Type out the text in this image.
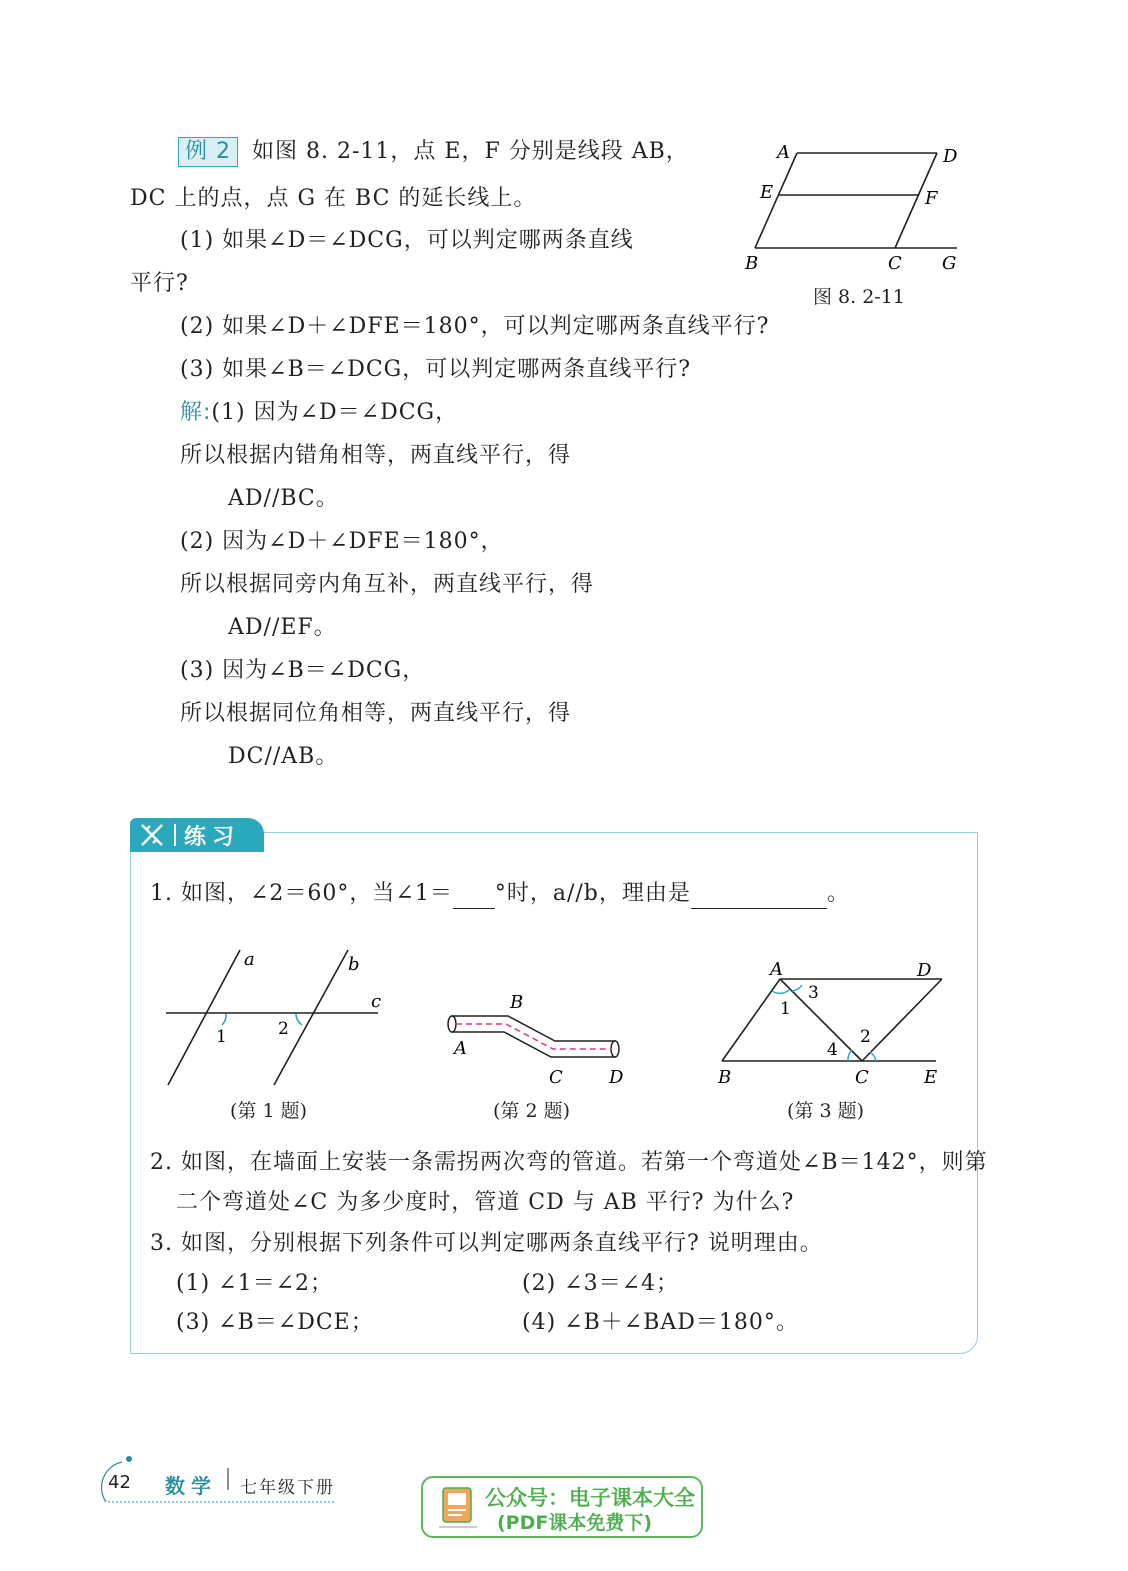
例 2 如图 8. 2-11，点 E，F 分别是线段 AB，
DC 上的点，点 G 在 BC 的延长线上。
(1) 如果∠D＝∠DCG，可以判定哪两条直线
平行?
(2) 如果∠D＋∠DFE＝180°，可以判定哪两条直线平行?
(3) 如果∠B＝∠DCG，可以判定哪两条直线平行?
解:(1) 因为∠D＝∠DCG，
所以根据内错角相等，两直线平行，得
AD//BC。
(2) 因为∠D＋∠DFE＝180°，
所以根据同旁内角互补，两直线平行，得
AD//EF。
(3) 因为∠B＝∠DCG，
所以根据同位角相等，两直线平行，得
DC//AB。
A	D
E	F
B	C G
图 8. 2-11
练习
1. 如图，∠2＝60°，当∠1＝ °时，a//b，理由是	。
a	b
c
1	2
(第 1 题)
B
A
C	D
(第 2 题)
A	D
B	C	E
1
2
3
4
(第 3 题)
2. 如图，在墙面上安装一条需拐两次弯的管道。若第一个弯道处∠B＝142°，则第
二个弯道处∠C 为多少度时，管道 CD 与 AB 平行? 为什么?
3. 如图，分别根据下列条件可以判定哪两条直线平行? 说明理由。
(1) ∠1＝∠2；	(2) ∠3＝∠4；
(3) ∠B＝∠DCE；	(4) ∠B＋∠BAD＝180°。
42 数学 七年级下册	公众号：电子课本大全
(PDF课本免费下)
